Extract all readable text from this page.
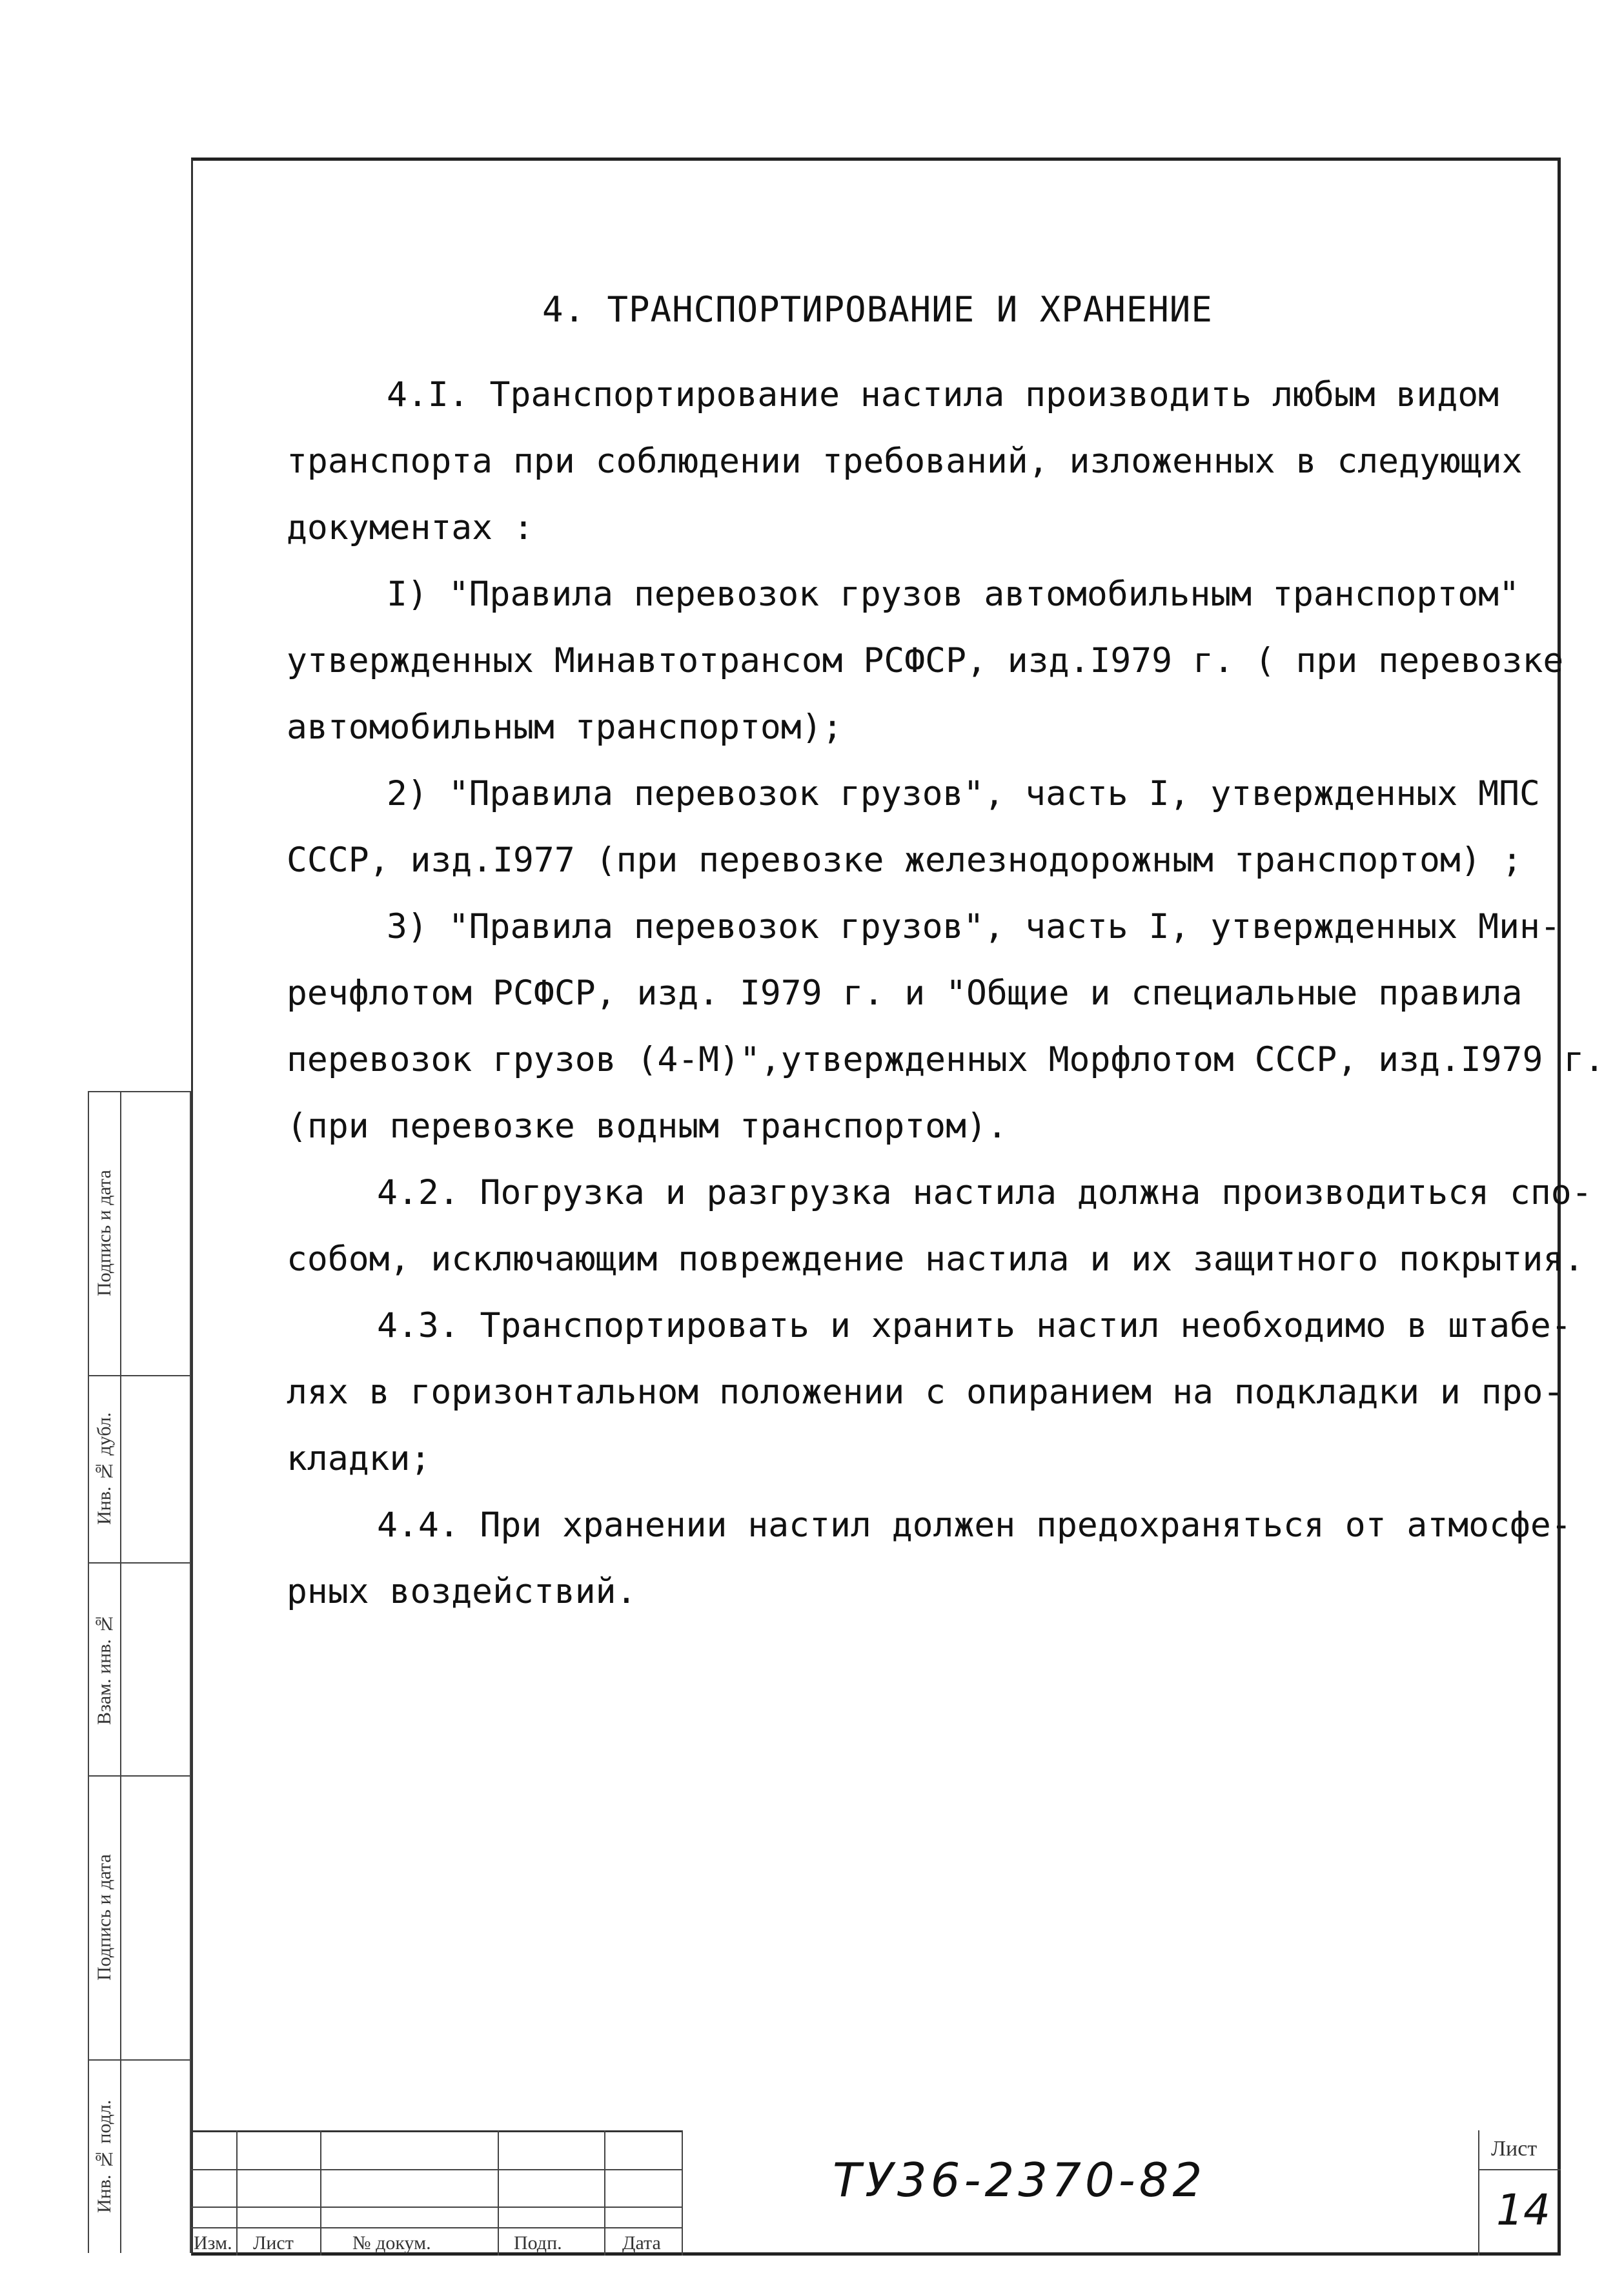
4. ТРАНСПОРТИРОВАНИЕ И ХРАНЕНИЕ
4.I. Транспортирование настила производить любым видом
транспорта при соблюдении требований, изложенных в следующих
документах :
I) "Правила перевозок грузов автомобильным транспортом"
утвержденных Минавтотрансом РСФСР, изд.I979 г. ( при перевозке
автомобильным транспортом);
2) "Правила перевозок грузов", часть I, утвержденных МПС
СССР, изд.I977 (при перевозке железнодорожным транспортом) ;
3) "Правила перевозок грузов", часть I, утвержденных Мин-
речфлотом РСФСР, изд. I979 г. и "Общие и специальные правила
перевозок грузов (4-М)",утвержденных Морфлотом СССР, изд.I979 г.
(при перевозке водным транспортом).
4.2. Погрузка и разгрузка настила должна производиться спо-
собом, исключающим повреждение настила и их защитного покрытия.
4.3. Транспортировать и хранить настил необходимо в штабе-
лях в горизонтальном положении с опиранием на подкладки и про-
кладки;
4.4. При хранении настил должен предохраняться от атмосфе-
рных воздействий.
Подпись и дата
Инв. № дубл.
Взам. инв. №
Подпись и дата
Инв. № подл.
Изм. Лист	№ докум.	Подп.	Дата
ТУ36-2370-82
Лист
14
